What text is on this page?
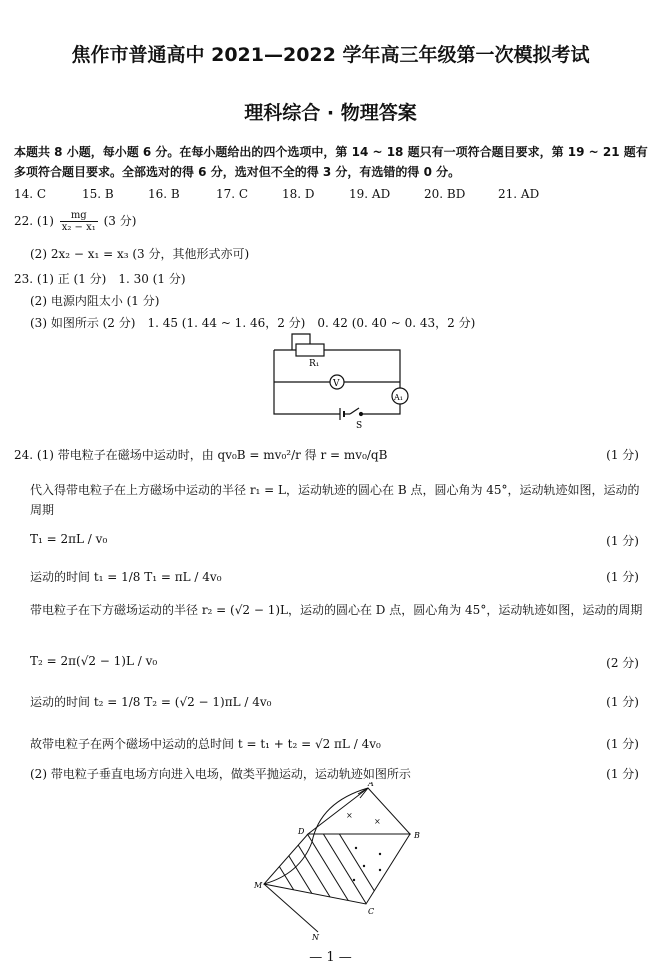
焦作市普通高中 2021—2022 学年高三年级第一次模拟考试
理科综合 · 物理答案
本题共 8 小题，每小题 6 分。在每小题给出的四个选项中，第 14 ~ 18 题只有一项符合题目要求，第 19 ~ 21 题有多项符合题目要求。全部选对的得 6 分，选对但不全的得 3 分，有选错的得 0 分。
14. C	15. B	16. B	17. C	18. D	19. AD	20. BD	21. AD
22. $(1) \frac{mg}{\text{x₂ − x₁}} (3$ 分)
(2) 2x₂ − x₁ = x₃ (3 分，其他形式亦可)
23. (1) 正 (1 分)　1. 30 (1 分)
(2) 电源内阻太小 (1 分)
(3) 如图所示 (2 分)　1. 45 (1. 44 ~ 1. 46，2 分)　0. 42 (0. 40 ~ 0. 43，2 分)
R₁
V
A₁
S
24. (1) 带电粒子在磁场中运动时，由 qv₀B = mv₀²/r 得 r = mv₀/qB	(1 分)
代入得带电粒子在上方磁场中运动的半径 r₁ = L，运动轨迹的圆心在 B 点，圆心角为 45°，运动轨迹如图，运动的周期
T₁ = 2πL / v₀	(1 分)
运动的时间 t₁ = 1/8 T₁ = πL / 4v₀	(1 分)
带电粒子在下方磁场运动的半径 r₂ = (√2 − 1)L，运动的圆心在 D 点，圆心角为 45°，运动轨迹如图，运动的周期
T₂ = 2π(√2 − 1)L / v₀	(2 分)
运动的时间 t₂ = 1/8 T₂ = (√2 − 1)πL / 4v₀	(1 分)
故带电粒子在两个磁场中运动的总时间 t = t₁ + t₂ = √2 πL / 4v₀	(1 分)
(2) 带电粒子垂直电场方向进入电场，做类平抛运动，运动轨迹如图所示	(1 分)
×
×
A
B
C
D
M
N
— 1 —
